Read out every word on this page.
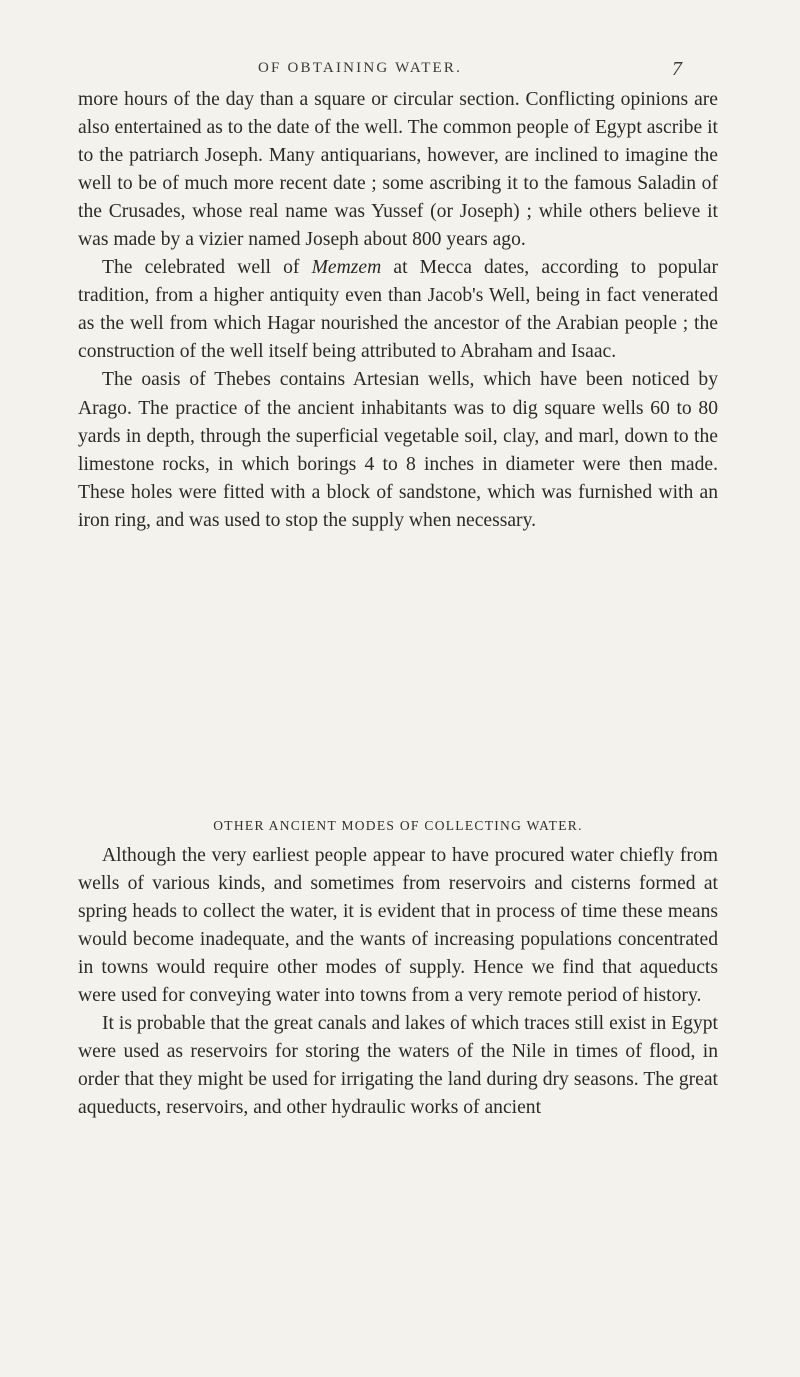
OF OBTAINING WATER.	7

more hours of the day than a square or circular section. Conflicting opinions are also entertained as to the date of the well. The common people of Egypt ascribe it to the patriarch Joseph. Many antiquarians, however, are inclined to imagine the well to be of much more recent date ; some ascribing it to the famous Saladin of the Crusades, whose real name was Yussef (or Joseph) ; while others believe it was made by a vizier named Joseph about 800 years ago.

The celebrated well of Memzem at Mecca dates, according to popular tradition, from a higher antiquity even than Jacob's Well, being in fact venerated as the well from which Hagar nourished the ancestor of the Arabian people ; the construction of the well itself being attributed to Abraham and Isaac.

The oasis of Thebes contains Artesian wells, which have been noticed by Arago. The practice of the ancient inhabitants was to dig square wells 60 to 80 yards in depth, through the superficial vegetable soil, clay, and marl, down to the limestone rocks, in which borings 4 to 8 inches in diameter were then made. These holes were fitted with a block of sandstone, which was furnished with an iron ring, and was used to stop the supply when necessary.

OTHER ANCIENT MODES OF COLLECTING WATER.

Although the very earliest people appear to have procured water chiefly from wells of various kinds, and sometimes from reservoirs and cisterns formed at spring heads to collect the water, it is evident that in process of time these means would become inadequate, and the wants of increasing populations concentrated in towns would require other modes of supply. Hence we find that aqueducts were used for conveying water into towns from a very remote period of history.

It is probable that the great canals and lakes of which traces still exist in Egypt were used as reservoirs for storing the waters of the Nile in times of flood, in order that they might be used for irrigating the land during dry seasons. The great aqueducts, reservoirs, and other hydraulic works of ancient
